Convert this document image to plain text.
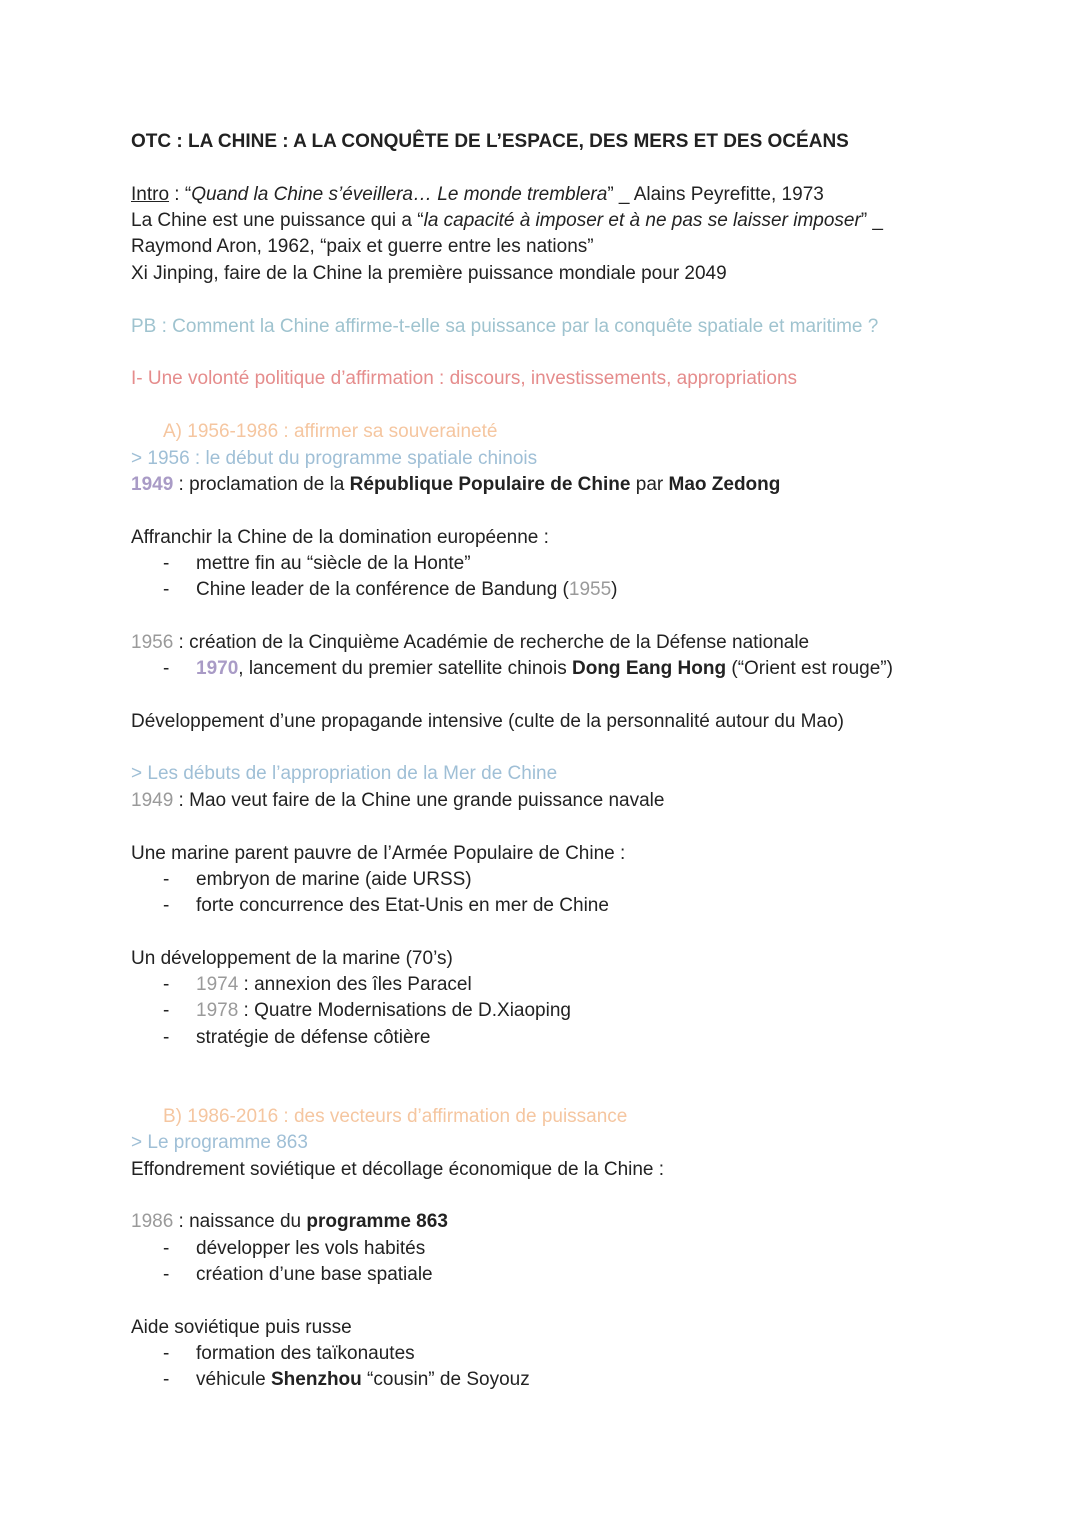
OTC : LA CHINE : A LA CONQUÊTE DE L’ESPACE, DES MERS ET DES OCÉANS
Intro : “Quand la Chine s’éveillera… Le monde tremblera” _ Alains Peyrefitte, 1973
La Chine est une puissance qui a “la capacité à imposer et à ne pas se laisser imposer” _
Raymond Aron, 1962, “paix et guerre entre les nations”
Xi Jinping, faire de la Chine la première puissance mondiale pour 2049
PB : Comment la Chine affirme-t-elle sa puissance par la conquête spatiale et maritime ?
I- Une volonté politique d’affirmation : discours, investissements, appropriations
A) 1956-1986 : affirmer sa souveraineté
> 1956 : le début du programme spatiale chinois
1949 : proclamation de la République Populaire de Chine par Mao Zedong
Affranchir la Chine de la domination européenne :
- mettre fin au “siècle de la Honte”
- Chine leader de la conférence de Bandung (1955)
1956 : création de la Cinquième Académie de recherche de la Défense nationale
- 1970, lancement du premier satellite chinois Dong Eang Hong (“Orient est rouge”)
Développement d’une propagande intensive (culte de la personnalité autour du Mao)
> Les débuts de l’appropriation de la Mer de Chine
1949 : Mao veut faire de la Chine une grande puissance navale
Une marine parent pauvre de l’Armée Populaire de Chine :
- embryon de marine (aide URSS)
- forte concurrence des Etat-Unis en mer de Chine
Un développement de la marine (70’s)
- 1974 : annexion des îles Paracel
- 1978 : Quatre Modernisations de D.Xiaoping
- stratégie de défense côtière
B) 1986-2016 : des vecteurs d’affirmation de puissance
> Le programme 863
Effondrement soviétique et décollage économique de la Chine :
1986 : naissance du programme 863
- développer les vols habités
- création d’une base spatiale
Aide soviétique puis russe
- formation des taïkonautes
- véhicule Shenzhou “cousin” de Soyouz
